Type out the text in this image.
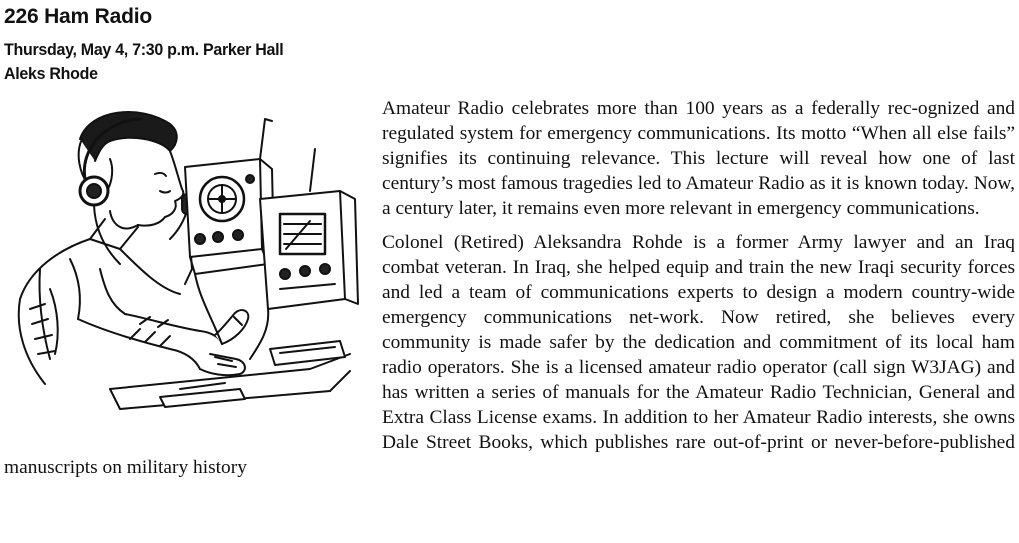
226 Ham Radio

Thursday, May 4, 7:30 p.m. Parker Hall

Aleks Rhode

Amateur Radio celebrates more than 100 years as a federally rec-ognized and regulated system for emergency communications. Its motto “When all else fails” signifies its continuing relevance. This lecture will reveal how one of last century’s most famous tragedies led to Amateur Radio as it is known today. Now, a century later, it remains even more relevant in emergency communications.

Colonel (Retired) Aleksandra Rohde is a former Army lawyer and an Iraq combat veteran. In Iraq, she helped equip and train the new Iraqi security forces and led a team of communications experts to design a modern country-wide emergency communications net-work. Now retired, she believes every community is made safer by the dedication and commitment of its local ham radio operators. She is a licensed amateur radio operator (call sign W3JAG) and has written a series of manuals for the Amateur Radio Technician, General and Extra Class License exams. In addition to her Amateur Radio interests, she owns Dale Street Books, which publishes rare out-of-print or never-before-published manuscripts on military history
